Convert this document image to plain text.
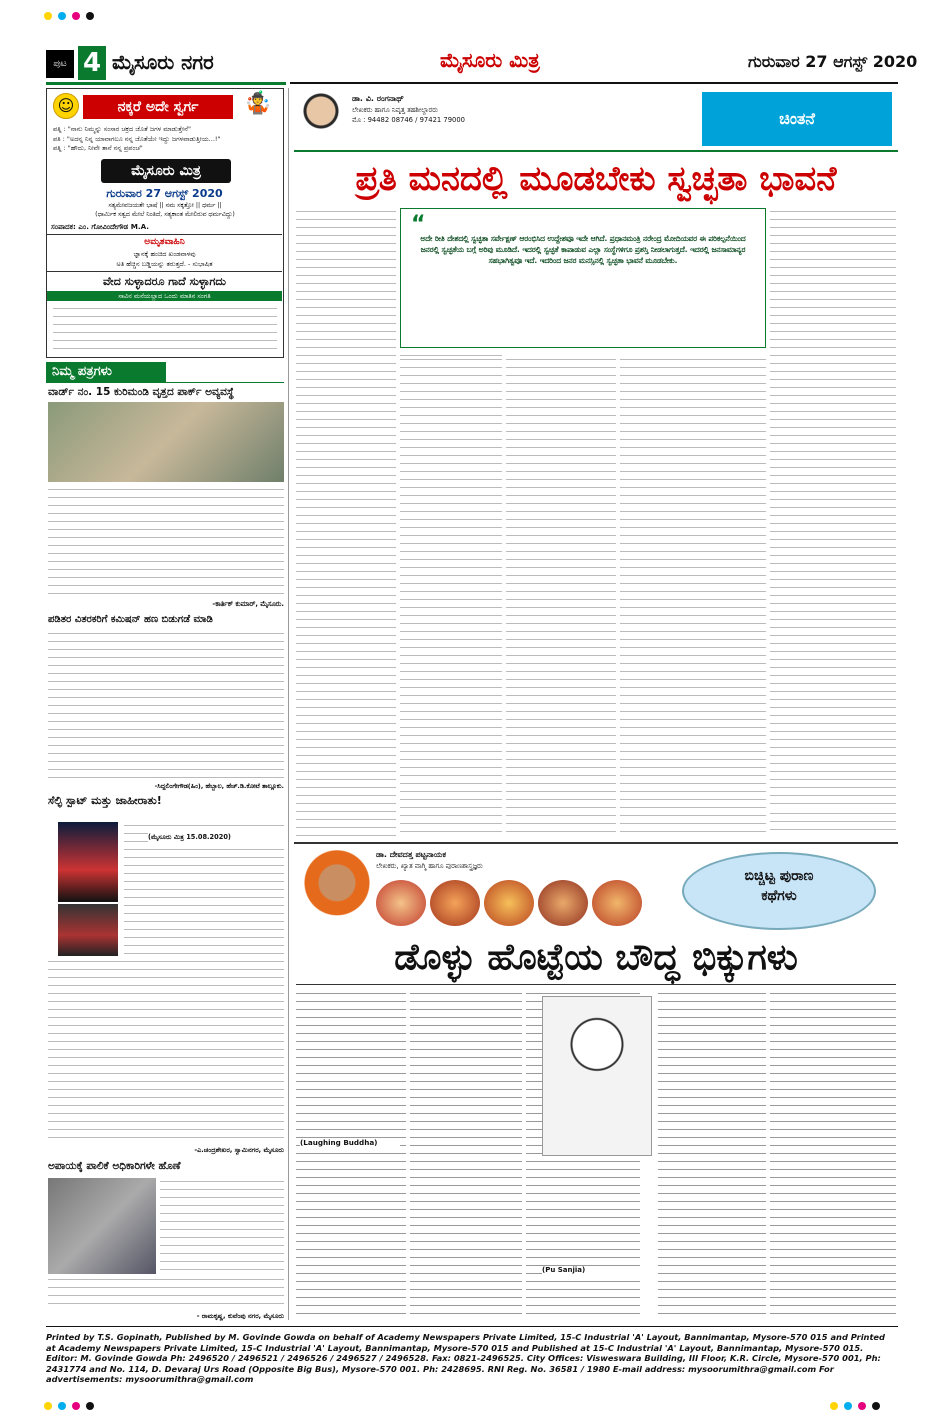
ಪುಟ 4 ಮೈಸೂರು ನಗರ	ಮೈಸೂರು ಮಿತ್ರ	ಗುರುವಾರ 27 ಆಗಸ್ಟ್ 2020
☺	ನಕ್ಕರೆ ಅದೇ ಸ್ವರ್ಗ	🤹
ಪತ್ನಿ : "ನಾನು ನಿಮ್ಮನ್ನು ಸಂಸಾರ ಚಕ್ರದ ಜೊತೆ ಜಗಳ ಮಾಡುತ್ತೇನೆ"
ಪತಿ : "ಅದನ್ನ ನಿನ್ನ ಯಾವಾಗಲೂ ನನ್ನ ಜೊತೆಯೇ ಇದ್ದು ಜಗಳವಾಡುತ್ತೀಯ...!"
ಪತ್ನಿ : "ಹೌದು, ನೀವೇ ತಾನೆ ನನ್ನ ಪ್ರಪಂಚ"
ಮೈಸೂರು ಮಿತ್ರ
ಗುರುವಾರ 27 ಆಗಸ್ಟ್ 2020
ಸತ್ಯಮೇವಜಯತೇ ಭಾಷೆ || ನಮ ಸಕ್ಕತ್ತೋ || ಧರ್ಮ ||
(ಧಾರ್ಮಿಕ ಸತ್ವದ ಮೇಲೆ ನಿಂತಿದೆ, ಸತ್ಯಕಾಂತ ಮೇಲಿರುವ ಧರ್ಮವಿದ್ದು)
ಸಂಪಾದಕ: ಎಂ. ಗೋವಿಂದೇಗೌಡ M.A.
ಅಮೃತವಾಹಿನಿ
ಜ್ಞಾನಕ್ಕೆ ಹಂಚಿದ ಖಂಡವಾಳವು
ಅತಿ ಹೆಚ್ಚಿನ ಬಡ್ಡಿಯನ್ನು ತರುತ್ತದೆ. - ಸುಭಾಷಿತ
ವೇದ ಸುಳ್ಳಾದರೂ ಗಾದೆ ಸುಳ್ಳಾಗದು
ಸಾವಿನ ಮನೆಯಲ್ಲಾದ ಒಂದು ಮಾತಿನ ಸಂಗತಿ
ನಿಮ್ಮ ಪತ್ರಗಳು
ವಾರ್ಡ್ ನಂ. 15 ಕುರಿಮಂಡಿ ವೃತ್ತದ ಪಾರ್ಕ್ ಅವ್ಯವಸ್ಥೆ
-ಕಾರ್ತಿಕ್ ಕುಮಾರ್, ಮೈಸೂರು.
ಪಡಿತರ ವಿತರಕರಿಗೆ ಕಮಿಷನ್ ಹಣ ಬಿಡುಗಡೆ ಮಾಡಿ
-ಸಿದ್ದಲಿಂಗೇಗೌಡ(ಹಿಂ), ಹೆಬ್ಬಾಲ, ಹೆಚ್.ಡಿ.ಕೋಟೆ ತಾಲ್ಲೂಕು.
ಸೆಲ್ಫಿ ಸ್ಪಾಟ್ ಮತ್ತು ಜಾಹೀರಾತು!
(ಮೈಸೂರು ಮಿತ್ರ 15.08.2020)
-ಎ.ಚಂದ್ರಶೇಖರ, ಸ್ವಾಮಿನಗರ, ಮೈಸೂರು
ಅಪಾಯಕ್ಕೆ ಪಾಲಿಕೆ ಅಧಿಕಾರಿಗಳೇ ಹೊಣೆ
- ರಾಮಕೃಷ್ಣ, ಕುವೆಂಪು ನಗರ, ಮೈಸೂರು
ಡಾ. ವಿ. ರಂಗನಾಥ್
ಲೇಖಕರು ಹಾಗೂ ನಿವೃತ್ತ ತಹಶೀಲ್ದಾರರು
ಮೊ : 94482 08746 / 97421 79000	ಚಿಂತನೆ
ಪ್ರತಿ ಮನದಲ್ಲಿ ಮೂಡಬೇಕು ಸ್ವಚ್ಛತಾ ಭಾವನೆ
“
ಅದೇ ರೀತಿ ದೇಶದಲ್ಲಿ ಸ್ವಚ್ಛತಾ ಸರ್ವೇಕ್ಷಣ್ ಆರಂಭಿಸಿದ ಉದ್ದೇಶವೂ ಇದೇ ಆಗಿದೆ. ಪ್ರಧಾನಮಂತ್ರಿ ನರೇಂದ್ರ ಮೋದಿಯವರ ಈ ಪರಿಕಲ್ಪನೆಯಿಂದ ಜನರಲ್ಲಿ ಸ್ವಚ್ಛತೆಯ ಬಗ್ಗೆ ಅರಿವು ಮೂಡಿದೆ. ಇದರಲ್ಲಿ ಸ್ವಚ್ಛತೆ ಕಾಪಾಡುವ ಎಲ್ಲಾ ಸಂಸ್ಥೆಗಳಿಗೂ ಪ್ರಶಸ್ತಿ ನೀಡಲಾಗುತ್ತದೆ. ಇದರಲ್ಲಿ ಜನಸಾಮಾನ್ಯರ ಸಹಭಾಗಿತ್ವವೂ ಇದೆ. ಇದರಿಂದ ಜನರ ಮನಸ್ಸಿನಲ್ಲಿ ಸ್ವಚ್ಛತಾ ಭಾವನೆ ಮೂಡಬೇಕು.
ಡಾ. ದೇವದತ್ತ ಪಟ್ಟನಾಯಕ
ಲೇಖಕರು, ಖ್ಯಾತ ವಾಗ್ಮಿ ಹಾಗೂ ಪುರಾಣಶಾಸ್ತ್ರಜ್ಞರು
ಬಿಚ್ಚಿಟ್ಟ ಪುರಾಣ
ಕಥೆಗಳು
ಡೊಳ್ಳು ಹೊಟ್ಟೆಯ ಬೌದ್ಧ ಭಿಕ್ಕುಗಳು
(Laughing Buddha)
(Pu Sanjia)
Printed by T.S. Gopinath, Published by M. Govinde Gowda on behalf of Academy Newspapers Private Limited, 15-C Industrial 'A' Layout, Bannimantap, Mysore-570 015 and Printed at Academy Newspapers Private Limited, 15-C Industrial 'A' Layout, Bannimantap, Mysore-570 015 and Published at 15-C Industrial 'A' Layout, Bannimantap, Mysore-570 015. Editor: M. Govinde Gowda Ph: 2496520 / 2496521 / 2496526 / 2496527 / 2496528. Fax: 0821-2496525. City Offices: Visweswara Building, III Floor, K.R. Circle, Mysore-570 001, Ph: 2431774 and No. 114, D. Devaraj Urs Road (Opposite Big Bus), Mysore-570 001. Ph: 2428695. RNI Reg. No. 36581 / 1980 E-mail address: mysoorumithra@gmail.com For advertisements: mysoorumithra@gmail.com
